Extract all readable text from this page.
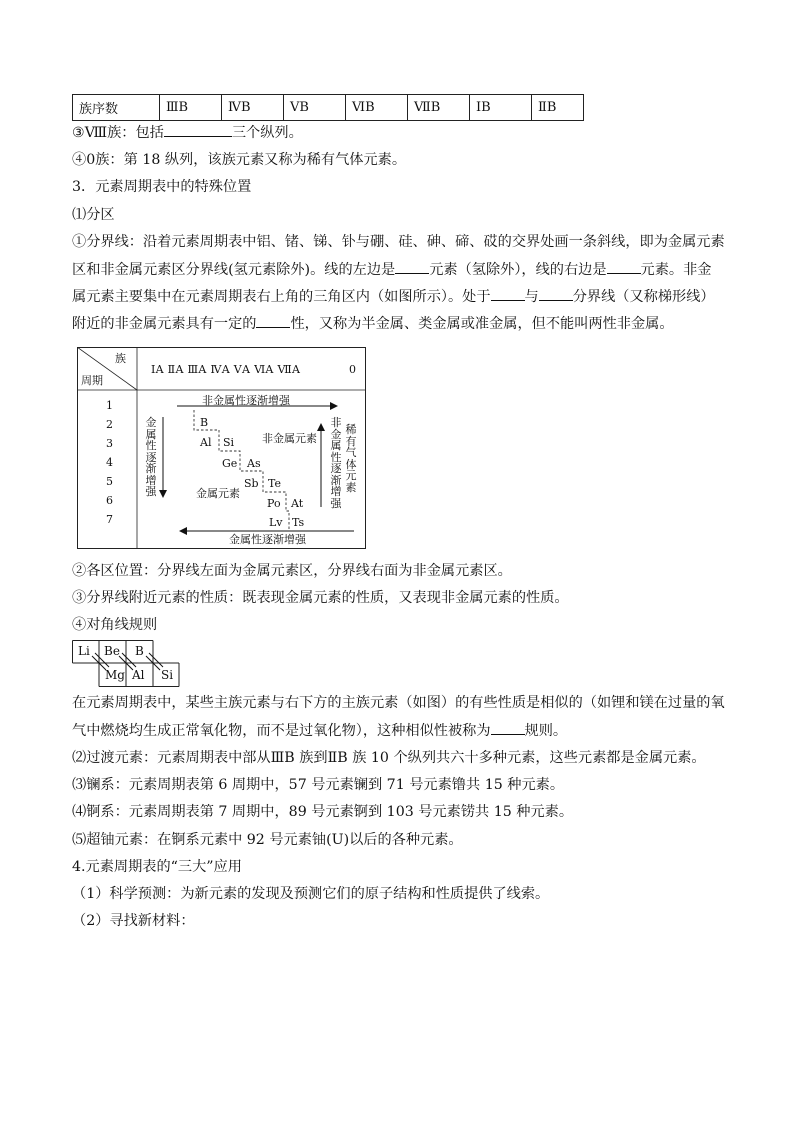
族序数	ⅢB	ⅣB	ⅤB	ⅥB	ⅦB	ⅠB	ⅡB
③Ⅷ族：包括	三个纵列。
④0族：第 18 纵列，该族元素又称为稀有气体元素。
3．元素周期表中的特殊位置
⑴分区
①分界线：沿着元素周期表中铝、锗、锑、钋与硼、硅、砷、碲、砹的交界处画一条斜线，即为金属元素
区和非金属元素区分界线(氢元素除外)。线的左边是 元素（氢除外），线的右边是 元素。非金
属元素主要集中在元素周期表右上角的三角区内（如图所示）。处于 与 分界线（又称梯形线）
附近的非金属元素具有一定的 性，又称为半金属、类金属或准金属，但不能叫两性非金属。
族
周期
ⅠA ⅡA ⅢA ⅣA ⅤA ⅥA ⅦA	0
1
2
3
4
5
6
7
非金属性逐渐增强
金属性逐渐增强
金属性逐渐增强
非金属性逐渐增强
稀有气体元素
非金属元素
金属元素
B
Al Si
Ge As
Sb Te
Po At
Lv Ts
②各区位置：分界线左面为金属元素区，分界线右面为非金属元素区。
③分界线附近元素的性质：既表现金属元素的性质，又表现非金属元素的性质。
④对角线规则
Li Be B
Mg Al Si
在元素周期表中，某些主族元素与右下方的主族元素（如图）的有些性质是相似的（如锂和镁在过量的氧
气中燃烧均生成正常氧化物，而不是过氧化物），这种相似性被称为 规则。
⑵过渡元素：元素周期表中部从ⅢB 族到ⅡB 族 10 个纵列共六十多种元素，这些元素都是金属元素。
⑶镧系：元素周期表第 6 周期中，57 号元素镧到 71 号元素镥共 15 种元素。
⑷锕系：元素周期表第 7 周期中，89 号元素锕到 103 号元素铹共 15 种元素。
⑸超铀元素：在锕系元素中 92 号元素铀(U)以后的各种元素。
4.元素周期表的“三大”应用
（1）科学预测：为新元素的发现及预测它们的原子结构和性质提供了线索。
（2）寻找新材料：
